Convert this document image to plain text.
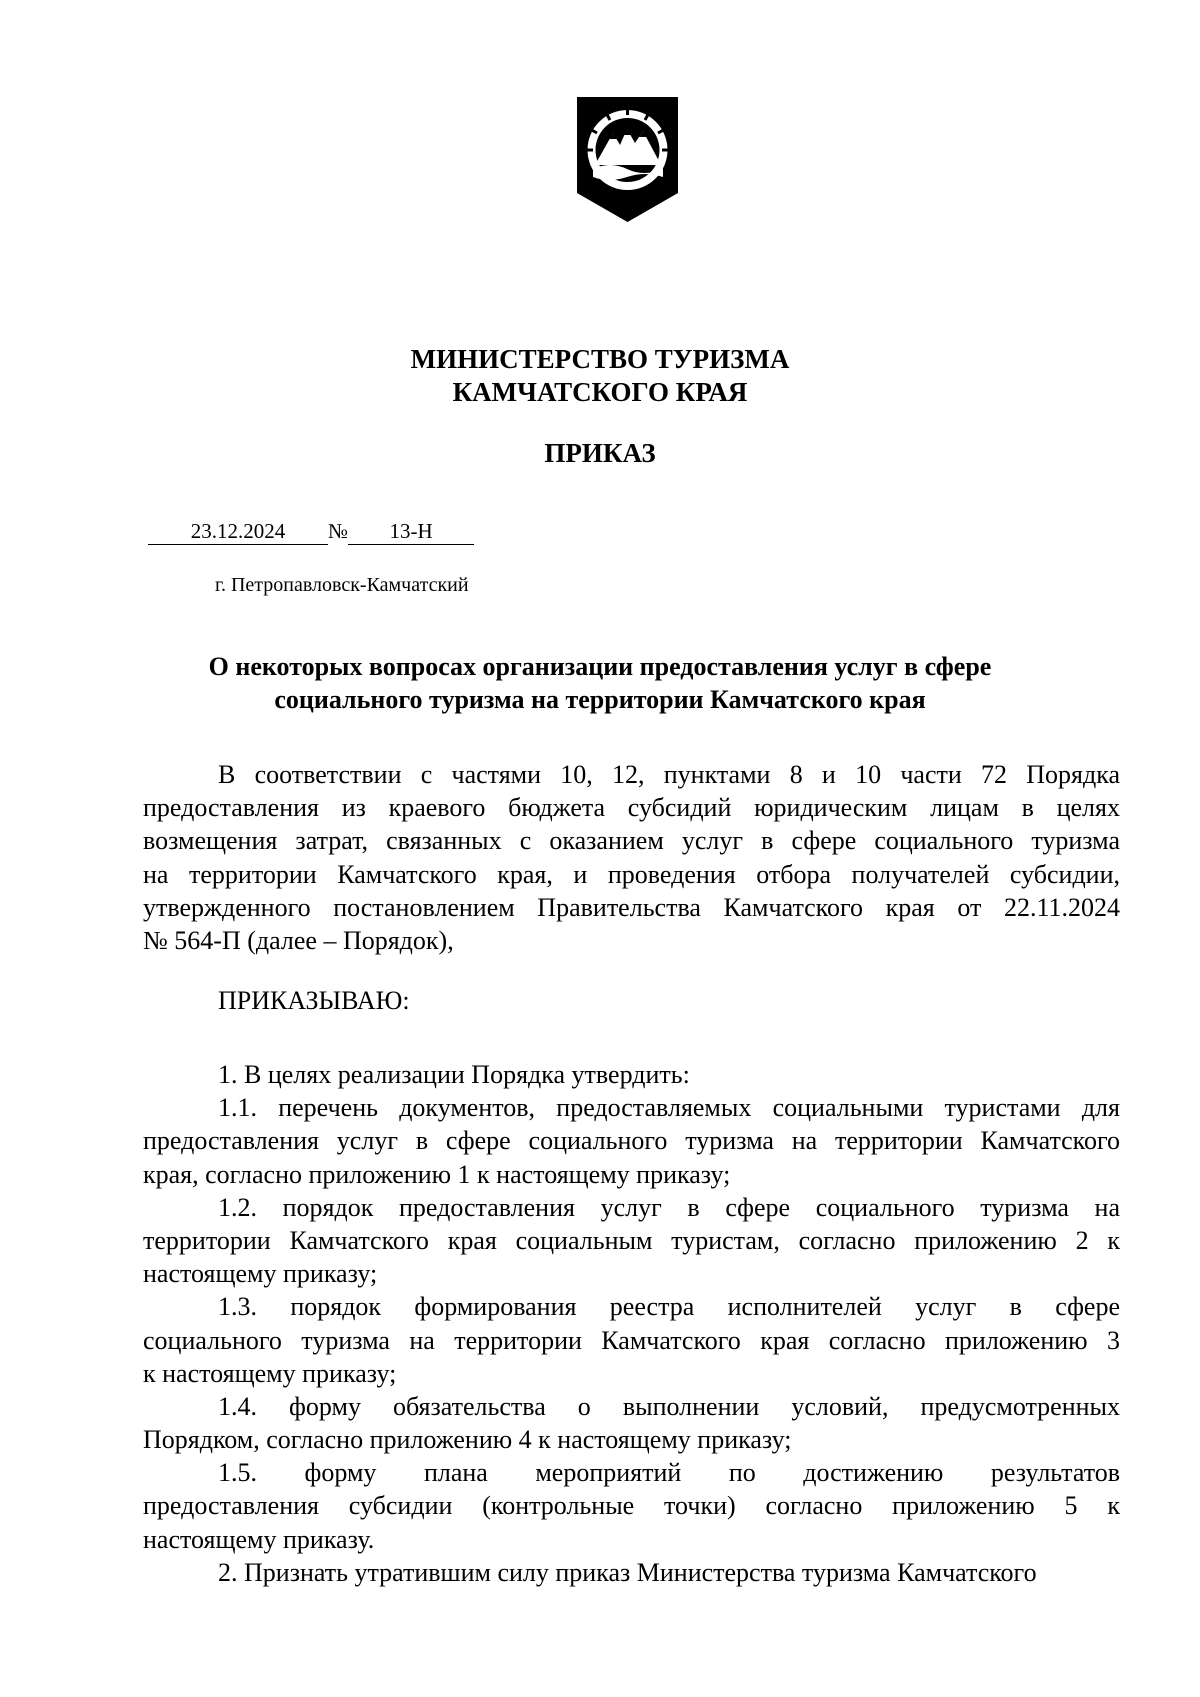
МИНИСТЕРСТВО ТУРИЗМА
КАМЧАТСКОГО КРАЯ
ПРИКАЗ
23.12.2024 № 13-Н
г. Петропавловск-Камчатский
О некоторых вопросах организации предоставления услуг в сфере
социального туризма на территории Камчатского края
В соответствии с частями 10, 12, пунктами 8 и 10 части 72 Порядка
предоставления из краевого бюджета субсидий юридическим лицам в целях
возмещения затрат, связанных с оказанием услуг в сфере социального туризма
на территории Камчатского края, и проведения отбора получателей субсидии,
утвержденного постановлением Правительства Камчатского края от 22.11.2024
№ 564-П (далее – Порядок),
ПРИКАЗЫВАЮ:
1. В целях реализации Порядка утвердить:
1.1. перечень документов, предоставляемых социальными туристами для
предоставления услуг в сфере социального туризма на территории Камчатского
края, согласно приложению 1 к настоящему приказу;
1.2. порядок предоставления услуг в сфере социального туризма на
территории Камчатского края социальным туристам, согласно приложению 2 к
настоящему приказу;
1.3. порядок формирования реестра исполнителей услуг в сфере
социального туризма на территории Камчатского края согласно приложению 3
к настоящему приказу;
1.4. форму обязательства о выполнении условий, предусмотренных
Порядком, согласно приложению 4 к настоящему приказу;
1.5. форму плана мероприятий по достижению результатов
предоставления субсидии (контрольные точки) согласно приложению 5 к
настоящему приказу.
2. Признать утратившим силу приказ Министерства туризма Камчатского
